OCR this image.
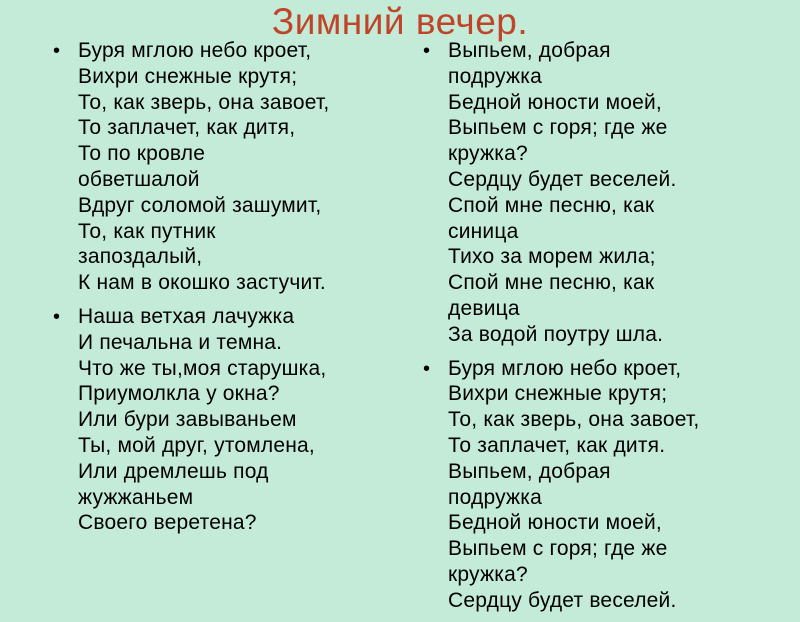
Зимний вечер.
• Буря мглою небо кроет,
Вихри снежные крутя;
То, как зверь, она завоет,
То заплачет, как дитя,
То по кровле
обветшалой
Вдруг соломой зашумит,
То, как путник
запоздалый,
К нам в окошко застучит.
• Наша ветхая лачужка
И печальна и темна.
Что же ты,моя старушка,
Приумолкла у окна?
Или бури завываньем
Ты, мой друг, утомлена,
Или дремлешь под
жужжаньем
Своего веретена?
• Выпьем, добрая
подружка
Бедной юности моей,
Выпьем с горя; где же
кружка?
Сердцу будет веселей.
Спой мне песню, как
синица
Тихо за морем жила;
Спой мне песню, как
девица
За водой поутру шла.
• Буря мглою небо кроет,
Вихри снежные крутя;
То, как зверь, она завоет,
То заплачет, как дитя.
Выпьем, добрая
подружка
Бедной юности моей,
Выпьем с горя; где же
кружка?
Сердцу будет веселей.
